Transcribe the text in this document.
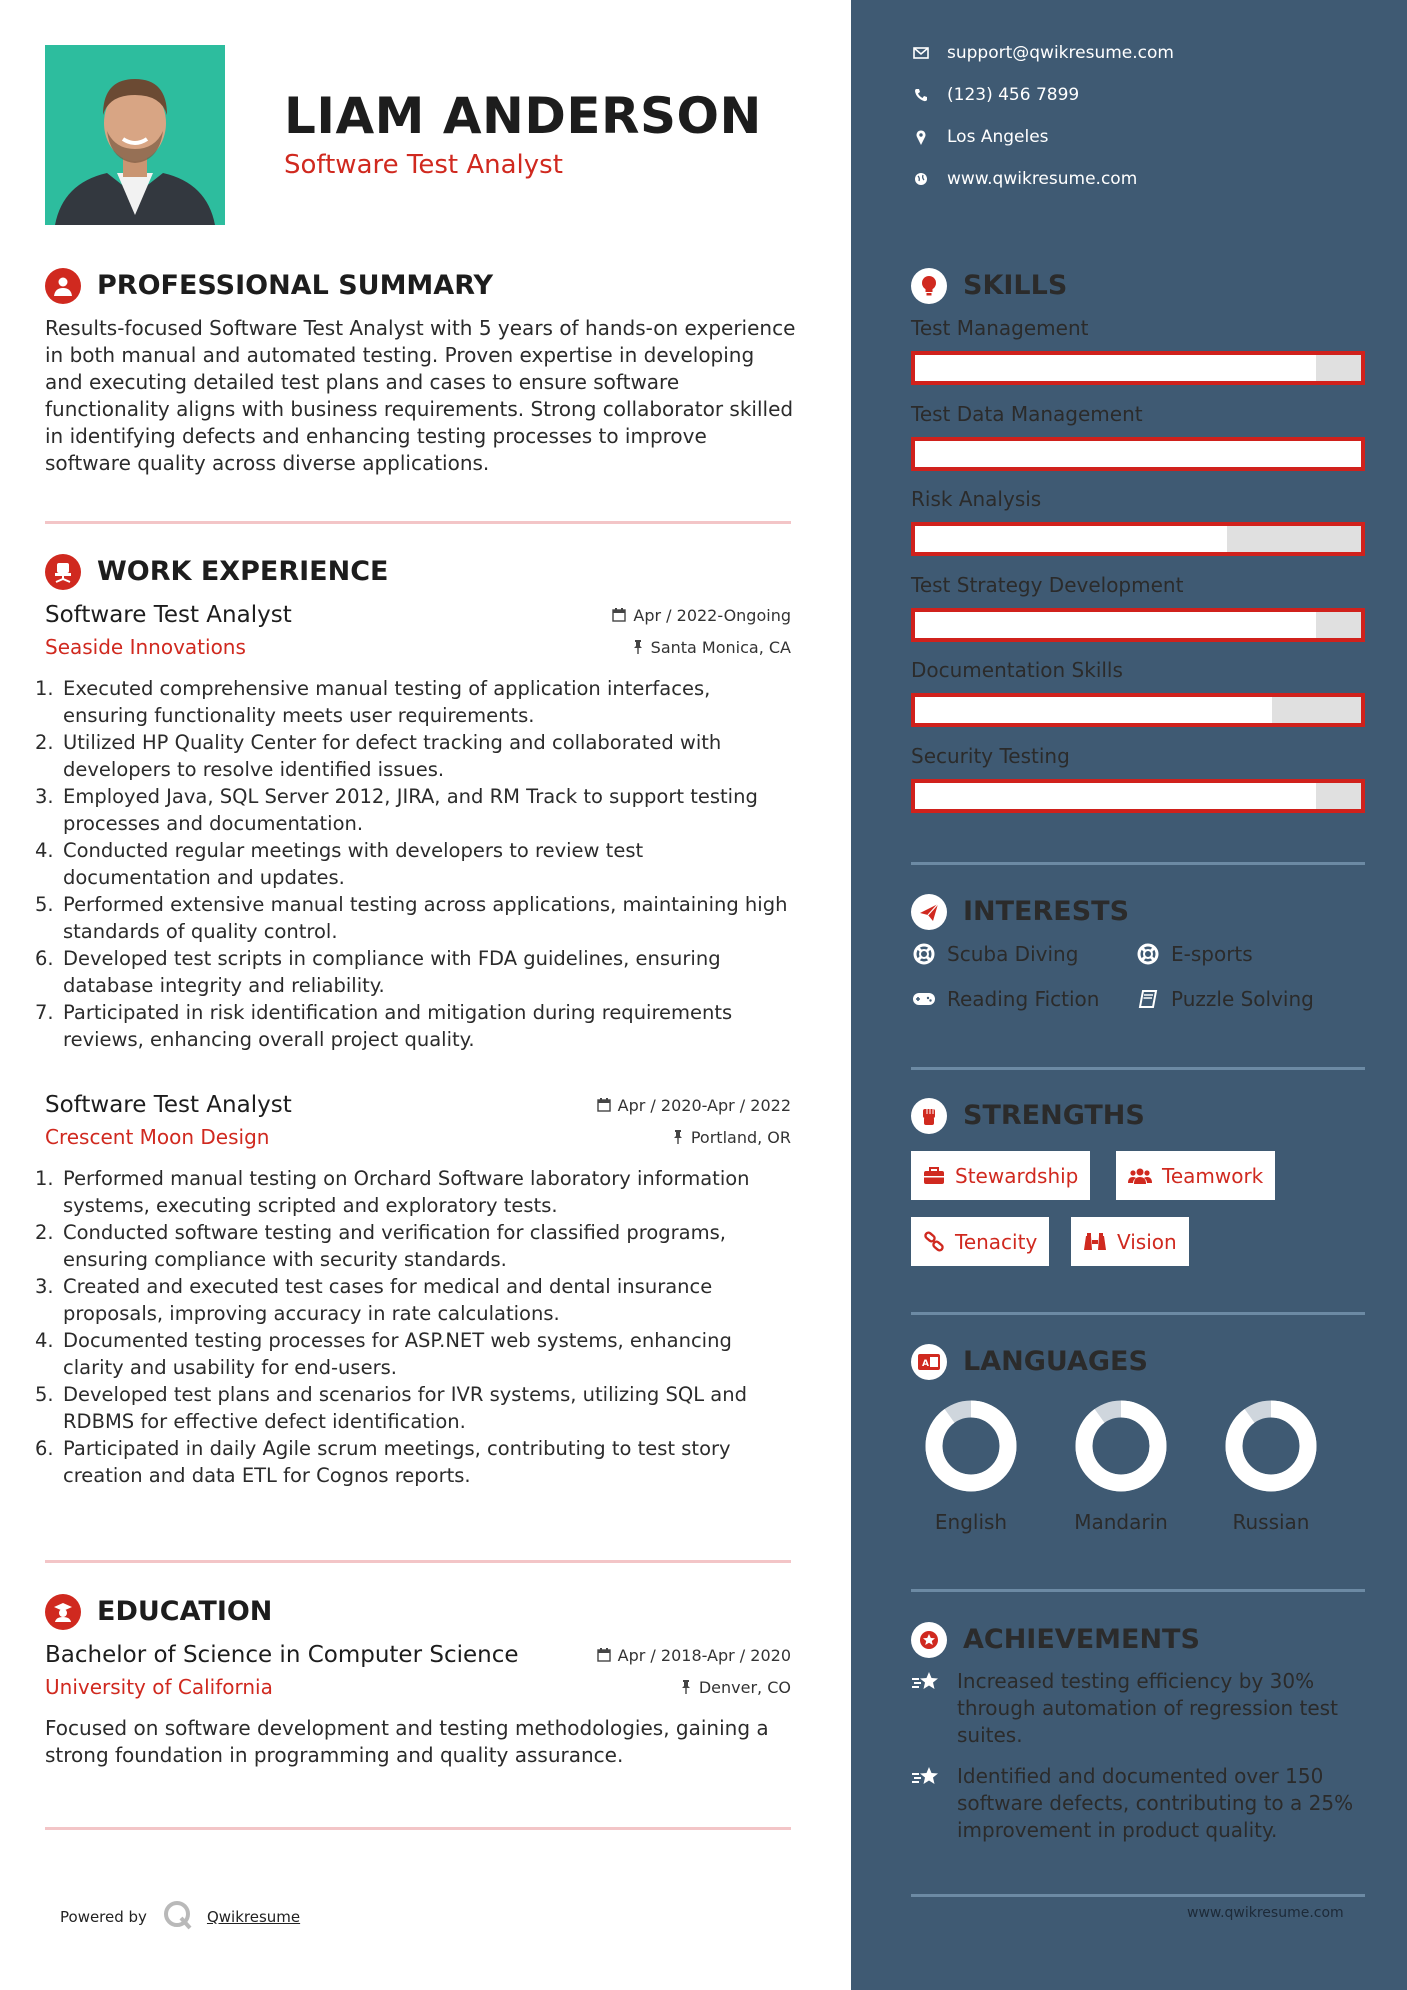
LIAM ANDERSON
Software Test Analyst
PROFESSIONAL SUMMARY
Results-focused Software Test Analyst with 5 years of hands-on experience in both manual and automated testing. Proven expertise in developing and executing detailed test plans and cases to ensure software functionality aligns with business requirements. Strong collaborator skilled in identifying defects and enhancing testing processes to improve software quality across diverse applications.
WORK EXPERIENCE
Software Test Analyst	Apr / 2022-Ongoing
Seaside Innovations	Santa Monica, CA
1. Executed comprehensive manual testing of application interfaces, ensuring functionality meets user requirements.
2. Utilized HP Quality Center for defect tracking and collaborated with developers to resolve identified issues.
3. Employed Java, SQL Server 2012, JIRA, and RM Track to support testing processes and documentation.
4. Conducted regular meetings with developers to review test documentation and updates.
5. Performed extensive manual testing across applications, maintaining high standards of quality control.
6. Developed test scripts in compliance with FDA guidelines, ensuring database integrity and reliability.
7. Participated in risk identification and mitigation during requirements reviews, enhancing overall project quality.
Software Test Analyst	Apr / 2020-Apr / 2022
Crescent Moon Design	Portland, OR
1. Performed manual testing on Orchard Software laboratory information systems, executing scripted and exploratory tests.
2. Conducted software testing and verification for classified programs, ensuring compliance with security standards.
3. Created and executed test cases for medical and dental insurance proposals, improving accuracy in rate calculations.
4. Documented testing processes for ASP.NET web systems, enhancing clarity and usability for end-users.
5. Developed test plans and scenarios for IVR systems, utilizing SQL and RDBMS for effective defect identification.
6. Participated in daily Agile scrum meetings, contributing to test story creation and data ETL for Cognos reports.
EDUCATION
Bachelor of Science in Computer Science	Apr / 2018-Apr / 2020
University of California	Denver, CO
Focused on software development and testing methodologies, gaining a strong foundation in programming and quality assurance.
Powered by	Qwikresume
support@qwikresume.com
(123) 456 7899
Los Angeles
www.qwikresume.com
SKILLS
Test Management
Test Data Management
Risk Analysis
Test Strategy Development
Documentation Skills
Security Testing
INTERESTS
Scuba Diving	E-sports
Reading Fiction	Puzzle Solving
STRENGTHS
Stewardship	Teamwork
Tenacity	Vision
A LANGUAGES
English	Mandarin	Russian
ACHIEVEMENTS
Increased testing efficiency by 30% through automation of regression test suites.
Identified and documented over 150 software defects, contributing to a 25% improvement in product quality.
www.qwikresume.com
